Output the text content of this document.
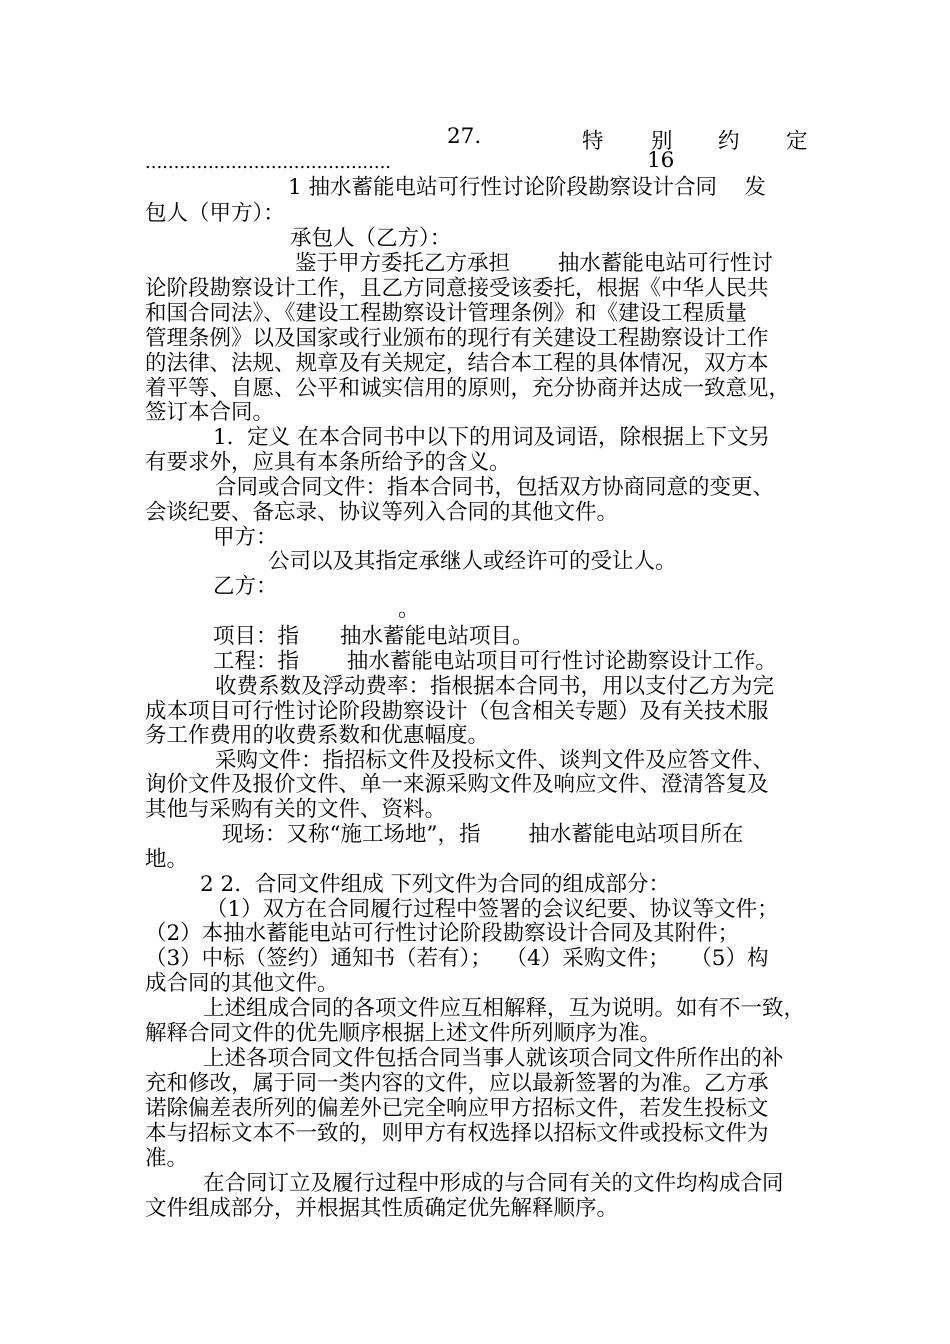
27.	特 别 约 定
...........................................	16
1 抽水蓄能电站可行性讨论阶段勘察设计合同    发
包人（甲方）：
承包人（乙方）：
鉴于甲方委托乙方承担       抽水蓄能电站可行性讨
论阶段勘察设计工作，且乙方同意接受该委托，根据《中华人民共
和国合同法》、《建设工程勘察设计管理条例》和《建设工程质量
管理条例》以及国家或行业颁布的现行有关建设工程勘察设计工作
的法律、法规、规章及有关规定，结合本工程的具体情况，双方本
着平等、自愿、公平和诚实信用的原则，充分协商并达成一致意见，
签订本合同。
1.  定义 在本合同书中以下的用词及词语，除根据上下文另
有要求外，应具有本条所给予的含义。
合同或合同文件：指本合同书，包括双方协商同意的变更、
会谈纪要、备忘录、协议等列入合同的其他文件。
甲方：
公司以及其指定承继人或经许可的受让人。
乙方：
。
项目：指      抽水蓄能电站项目。
工程：指       抽水蓄能电站项目可行性讨论勘察设计工作。
收费系数及浮动费率：指根据本合同书，用以支付乙方为完
成本项目可行性讨论阶段勘察设计（包含相关专题）及有关技术服
务工作费用的收费系数和优惠幅度。
采购文件：指招标文件及投标文件、谈判文件及应答文件、
询价文件及报价文件、单一来源采购文件及响应文件、澄清答复及
其他与采购有关的文件、资料。
现场：又称“施工场地”，指       抽水蓄能电站项目所在
地。
2 2.  合同文件组成 下列文件为合同的组成部分：
（1）双方在合同履行过程中签署的会议纪要、协议等文件；
（2）本抽水蓄能电站可行性讨论阶段勘察设计合同及其附件；
（3）中标（签约）通知书（若有）；  （4）采购文件；   （5）构
成合同的其他文件。
上述组成合同的各项文件应互相解释，互为说明。如有不一致，
解释合同文件的优先顺序根据上述文件所列顺序为准。
上述各项合同文件包括合同当事人就该项合同文件所作出的补
充和修改，属于同一类内容的文件，应以最新签署的为准。乙方承
诺除偏差表所列的偏差外已完全响应甲方招标文件，若发生投标文
本与招标文本不一致的，则甲方有权选择以招标文件或投标文件为
准。
在合同订立及履行过程中形成的与合同有关的文件均构成合同
文件组成部分，并根据其性质确定优先解释顺序。
